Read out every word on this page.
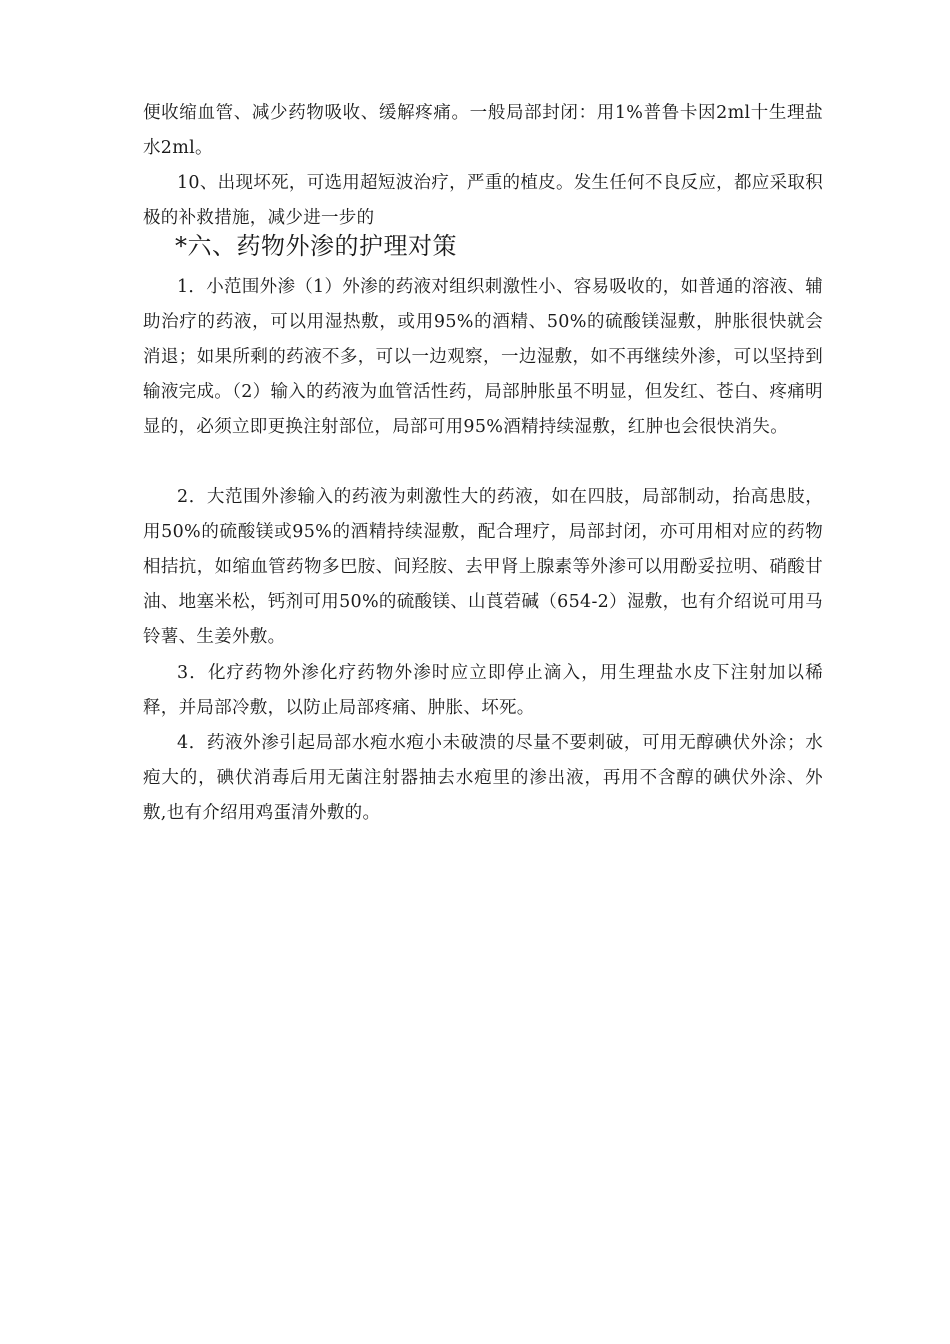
便收缩血管、减少药物吸收、缓解疼痛。一般局部封闭：用1%普鲁卡因2ml十生理盐水2ml。

10、出现坏死，可选用超短波治疗，严重的植皮。发生任何不良反应，都应采取积极的补救措施，减少进一步的

*六、药物外渗的护理对策

1．小范围外渗（1）外渗的药液对组织刺激性小、容易吸收的，如普通的溶液、辅助治疗的药液，可以用湿热敷，或用95%的酒精、50%的硫酸镁湿敷，肿胀很快就会消退；如果所剩的药液不多，可以一边观察，一边湿敷，如不再继续外渗，可以坚持到输液完成。（2）输入的药液为血管活性药，局部肿胀虽不明显，但发红、苍白、疼痛明显的，必须立即更换注射部位，局部可用95%酒精持续湿敷，红肿也会很快消失。

2．大范围外渗输入的药液为刺激性大的药液，如在四肢，局部制动，抬高患肢，用50%的硫酸镁或95%的酒精持续湿敷，配合理疗，局部封闭，亦可用相对应的药物相拮抗，如缩血管药物多巴胺、间羟胺、去甲肾上腺素等外渗可以用酚妥拉明、硝酸甘油、地塞米松，钙剂可用50%的硫酸镁、山莨菪碱（654-2）湿敷，也有介绍说可用马铃薯、生姜外敷。

3．化疗药物外渗化疗药物外渗时应立即停止滴入，用生理盐水皮下注射加以稀释，并局部冷敷，以防止局部疼痛、肿胀、坏死。

4．药液外渗引起局部水疱水疱小未破溃的尽量不要刺破，可用无醇碘伏外涂；水疱大的，碘伏消毒后用无菌注射器抽去水疱里的渗出液，再用不含醇的碘伏外涂、外敷,也有介绍用鸡蛋清外敷的。
